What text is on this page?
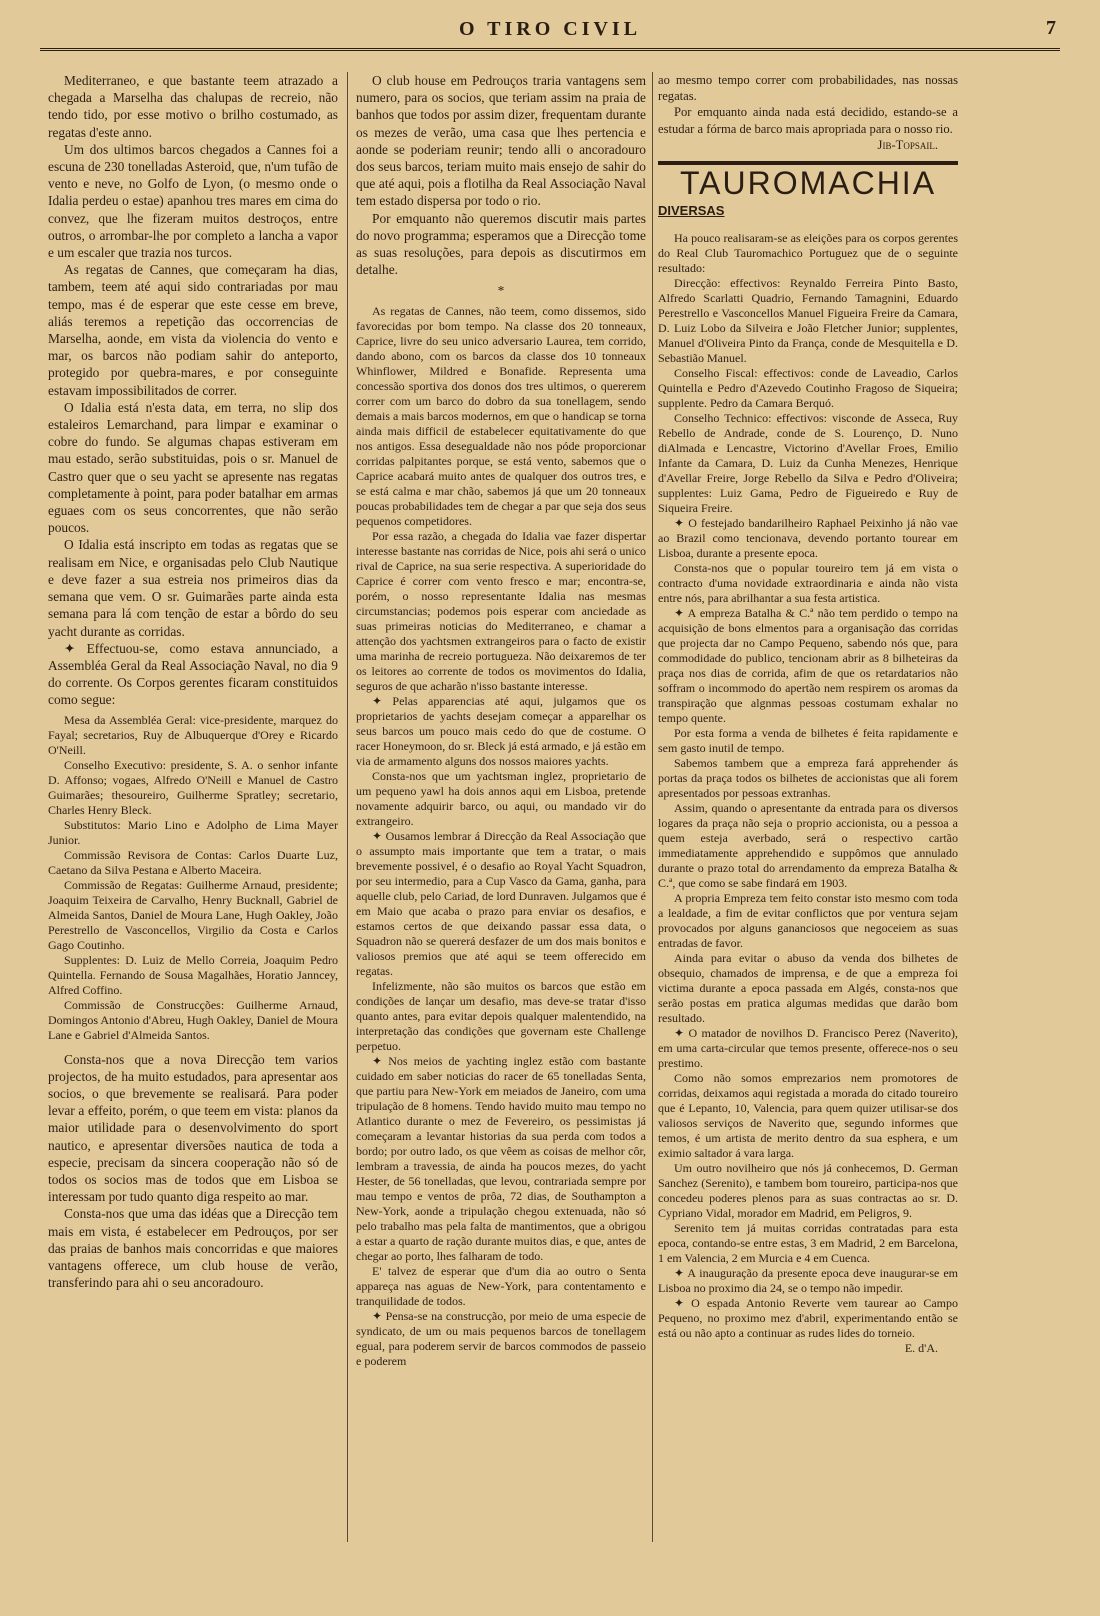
O TIRO CIVIL	7

Mediterraneo, e que bastante teem atrazado a chegada a Marselha das chalupas de recreio, não tendo tido, por esse motivo o brilho costumado, as regatas d'este anno.

Um dos ultimos barcos chegados a Cannes foi a escuna de 230 tonelladas Asteroid, que, n'um tufão de vento e neve, no Golfo de Lyon, (o mesmo onde o Idalia perdeu o estae) apanhou tres mares em cima do convez, que lhe fizeram muitos destroços, entre outros, o arrombar-lhe por completo a lancha a vapor e um escaler que trazia nos turcos.

As regatas de Cannes, que começaram ha dias, tambem, teem até aqui sido contrariadas por mau tempo, mas é de esperar que este cesse em breve, aliás teremos a repetição das occorrencias de Marselha, aonde, em vista da violencia do vento e mar, os barcos não podiam sahir do anteporto, protegido por quebra-mares, e por conseguinte estavam impossibilitados de correr.

O Idalia está n'esta data, em terra, no slip dos estaleiros Lemarchand, para limpar e examinar o cobre do fundo. Se algumas chapas estiveram em mau estado, serão substituidas, pois o sr. Manuel de Castro quer que o seu yacht se apresente nas regatas completamente à point, para poder batalhar em armas eguaes com os seus concorrentes, que não serão poucos.

O Idalia está inscripto em todas as regatas que se realisam em Nice, e organisadas pelo Club Nautique e deve fazer a sua estreia nos primeiros dias da semana que vem. O sr. Guimarães parte ainda esta semana para lá com tenção de estar a bôrdo do seu yacht durante as corridas.

✦ Effectuou-se, como estava annunciado, a Assembléa Geral da Real Associação Naval, no dia 9 do corrente. Os Corpos gerentes ficaram constituidos como segue:

Mesa da Assembléa Geral: vice-presidente, marquez do Fayal; secretarios, Ruy de Albuquerque d'Orey e Ricardo O'Neill.

Conselho Executivo: presidente, S. A. o senhor infante D. Affonso; vogaes, Alfredo O'Neill e Manuel de Castro Guimarães; thesoureiro, Guilherme Spratley; secretario, Charles Henry Bleck.

Substitutos: Mario Lino e Adolpho de Lima Mayer Junior.

Commissão Revisora de Contas: Carlos Duarte Luz, Caetano da Silva Pestana e Alberto Maceira.

Commissão de Regatas: Guilherme Arnaud, presidente; Joaquim Teixeira de Carvalho, Henry Bucknall, Gabriel de Almeida Santos, Daniel de Moura Lane, Hugh Oakley, João Perestrello de Vasconcellos, Virgilio da Costa e Carlos Gago Coutinho.

Supplentes: D. Luiz de Mello Correia, Joaquim Pedro Quintella. Fernando de Sousa Magalhães, Horatio Janncey, Alfred Coffino.

Commissão de Construcções: Guilherme Arnaud, Domingos Antonio d'Abreu, Hugh Oakley, Daniel de Moura Lane e Gabriel d'Almeida Santos.

Consta-nos que a nova Direcção tem varios projectos, de ha muito estudados, para apresentar aos socios, o que brevemente se realisará. Para poder levar a effeito, porém, o que teem em vista: planos da maior utilidade para o desenvolvimento do sport nautico, e apresentar diversões nautica de toda a especie, precisam da sincera cooperação não só de todos os socios mas de todos que em Lisboa se interessam por tudo quanto diga respeito ao mar.

Consta-nos que uma das idéas que a Direcção tem mais em vista, é estabelecer em Pedrouços, por ser das praias de banhos mais concorridas e que maiores vantagens offerece, um club house de verão, transferindo para ahi o seu ancoradouro.

O club house em Pedrouços traria vantagens sem numero, para os socios, que teriam assim na praia de banhos que todos por assim dizer, frequentam durante os mezes de verão, uma casa que lhes pertencia e aonde se poderiam reunir; tendo alli o ancoradouro dos seus barcos, teriam muito mais ensejo de sahir do que até aqui, pois a flotilha da Real Associação Naval tem estado dispersa por todo o rio.

Por emquanto não queremos discutir mais partes do novo programma; esperamos que a Direcção tome as suas resoluções, para depois as discutirmos em detalhe.

*

As regatas de Cannes, não teem, como dissemos, sido favorecidas por bom tempo. Na classe dos 20 tonneaux, Caprice, livre do seu unico adversario Laurea, tem corrido, dando abono, com os barcos da classe dos 10 tonneaux Whinflower, Mildred e Bonafide. Representa uma concessão sportiva dos donos dos tres ultimos, o quererem correr com um barco do dobro da sua tonellagem, sendo demais a mais barcos modernos, em que o handicap se torna ainda mais difficil de estabelecer equitativamente do que nos antigos. Essa desegualdade não nos póde proporcionar corridas palpitantes porque, se está vento, sabemos que o Caprice acabará muito antes de qualquer dos outros tres, e se está calma e mar chão, sabemos já que um 20 tonneaux poucas probabilidades tem de chegar a par que seja dos seus pequenos competidores.

Por essa razão, a chegada do Idalia vae fazer dispertar interesse bastante nas corridas de Nice, pois ahi será o unico rival de Caprice, na sua serie respectiva. A superioridade do Caprice é correr com vento fresco e mar; encontra-se, porém, o nosso representante Idalia nas mesmas circumstancias; podemos pois esperar com anciedade as suas primeiras noticias do Mediterraneo, e chamar a attenção dos yachtsmen extrangeiros para o facto de existir uma marinha de recreio portugueza. Não deixaremos de ter os leitores ao corrente de todos os movimentos do Idalia, seguros de que acharão n'isso bastante interesse.

✦ Pelas apparencias até aqui, julgamos que os proprietarios de yachts desejam começar a apparelhar os seus barcos um pouco mais cedo do que de costume. O racer Honeymoon, do sr. Bleck já está armado, e já estão em via de armamento alguns dos nossos maiores yachts.

Consta-nos que um yachtsman inglez, proprietario de um pequeno yawl ha dois annos aqui em Lisboa, pretende novamente adquirir barco, ou aqui, ou mandado vir do extrangeiro.

✦ Ousamos lembrar á Direcção da Real Associação que o assumpto mais importante que tem a tratar, o mais brevemente possivel, é o desafio ao Royal Yacht Squadron, por seu intermedio, para a Cup Vasco da Gama, ganha, para aquelle club, pelo Cariad, de lord Dunraven. Julgamos que é em Maio que acaba o prazo para enviar os desafios, e estamos certos de que deixando passar essa data, o Squadron não se quererá desfazer de um dos mais bonitos e valiosos premios que até aqui se teem offerecido em regatas.

Infelizmente, não são muitos os barcos que estão em condições de lançar um desafio, mas deve-se tratar d'isso quanto antes, para evitar depois qualquer malentendido, na interpretação das condições que governam este Challenge perpetuo.

✦ Nos meios de yachting inglez estão com bastante cuidado em saber noticias do racer de 65 tonelladas Senta, que partiu para New-York em meiados de Janeiro, com uma tripulação de 8 homens. Tendo havido muito mau tempo no Atlantico durante o mez de Fevereiro, os pessimistas já começaram a levantar historias da sua perda com todos a bordo; por outro lado, os que vêem as coisas de melhor côr, lembram a travessia, de ainda ha poucos mezes, do yacht Hester, de 56 tonelladas, que levou, contrariada sempre por mau tempo e ventos de prôa, 72 dias, de Southampton a New-York, aonde a tripulação chegou extenuada, não só pelo trabalho mas pela falta de mantimentos, que a obrigou a estar a quarto de ração durante muitos dias, e que, antes de chegar ao porto, lhes falharam de todo.

E' talvez de esperar que d'um dia ao outro o Senta appareça nas aguas de New-York, para contentamento e tranquilidade de todos.

✦ Pensa-se na construcção, por meio de uma especie de syndicato, de um ou mais pequenos barcos de tonellagem egual, para poderem servir de barcos commodos de passeio e poderem

ao mesmo tempo correr com probabilidades, nas nossas regatas.

Por emquanto ainda nada está decidido, estando-se a estudar a fórma de barco mais apropriada para o nosso rio.

Jib-Topsail.

TAUROMACHIA
DIVERSAS

Ha pouco realisaram-se as eleições para os corpos gerentes do Real Club Tauromachico Portuguez que de o seguinte resultado:

Direcção: effectivos: Reynaldo Ferreira Pinto Basto, Alfredo Scarlatti Quadrio, Fernando Tamagnini, Eduardo Perestrello e Vasconcellos Manuel Figueira Freire da Camara, D. Luiz Lobo da Silveira e João Fletcher Junior; supplentes, Manuel d'Oliveira Pinto da França, conde de Mesquitella e D. Sebastião Manuel.

Conselho Fiscal: effectivos: conde de Laveadio, Carlos Quintella e Pedro d'Azevedo Coutinho Fragoso de Siqueira; supplente. Pedro da Camara Berquó.

Conselho Technico: effectivos: visconde de Asseca, Ruy Rebello de Andrade, conde de S. Lourenço, D. Nuno diAlmada e Lencastre, Victorino d'Avellar Froes, Emilio Infante da Camara, D. Luiz da Cunha Menezes, Henrique d'Avellar Freire, Jorge Rebello da Silva e Pedro d'Oliveira; supplentes: Luiz Gama, Pedro de Figueiredo e Ruy de Siqueira Freire.

✦ O festejado bandarilheiro Raphael Peixinho já não vae ao Brazil como tencionava, devendo portanto tourear em Lisboa, durante a presente epoca.

Consta-nos que o popular toureiro tem já em vista o contracto d'uma novidade extraordinaria e ainda não vista entre nós, para abrilhantar a sua festa artistica.

✦ A empreza Batalha & C.ª não tem perdido o tempo na acquisição de bons elmentos para a organisação das corridas que projecta dar no Campo Pequeno, sabendo nós que, para commodidade do publico, tencionam abrir as 8 bilheteiras da praça nos dias de corrida, afim de que os retardatarios não soffram o incommodo do apertão nem respirem os aromas da transpiração que algnmas pessoas costumam exhalar no tempo quente.

Por esta forma a venda de bilhetes é feita rapidamente e sem gasto inutil de tempo.

Sabemos tambem que a empreza fará apprehender ás portas da praça todos os bilhetes de accionistas que ali forem apresentados por pessoas extranhas.

Assim, quando o apresentante da entrada para os diversos logares da praça não seja o proprio accionista, ou a pessoa a quem esteja averbado, será o respectivo cartão immediatamente apprehendido e suppômos que annulado durante o prazo total do arrendamento da empreza Batalha & C.ª, que como se sabe findará em 1903.

A propria Empreza tem feito constar isto mesmo com toda a lealdade, a fim de evitar conflictos que por ventura sejam provocados por alguns gananciosos que negoceiem as suas entradas de favor.

Ainda para evitar o abuso da venda dos bilhetes de obsequio, chamados de imprensa, e de que a empreza foi victima durante a epoca passada em Algés, consta-nos que serão postas em pratica algumas medidas que darão bom resultado.

✦ O matador de novilhos D. Francisco Perez (Naverito), em uma carta-circular que temos presente, offerece-nos o seu prestimo.

Como não somos emprezarios nem promotores de corridas, deixamos aqui registada a morada do citado toureiro que é Lepanto, 10, Valencia, para quem quizer utilisar-se dos valiosos serviços de Naverito que, segundo informes que temos, é um artista de merito dentro da sua esphera, e um eximio saltador á vara larga.

Um outro novilheiro que nós já conhecemos, D. German Sanchez (Serenito), e tambem bom toureiro, participa-nos que concedeu poderes plenos para as suas contractas ao sr. D. Cypriano Vidal, morador em Madrid, em Peligros, 9.

Serenito tem já muitas corridas contratadas para esta epoca, contando-se entre estas, 3 em Madrid, 2 em Barcelona, 1 em Valencia, 2 em Murcia e 4 em Cuenca.

✦ A inauguração da presente epoca deve inaugurar-se em Lisboa no proximo dia 24, se o tempo não impedir.

✦ O espada Antonio Reverte vem taurear ao Campo Pequeno, no proximo mez d'abril, experimentando então se está ou não apto a continuar as rudes lides do torneio.

E. d'A.
